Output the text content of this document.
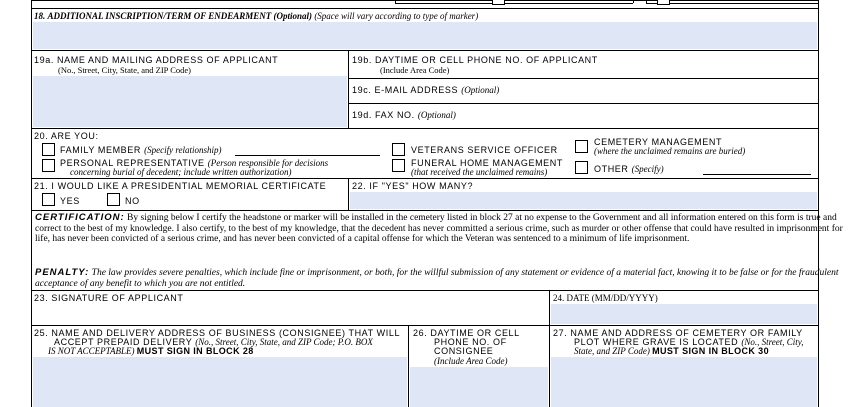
18. ADDITIONAL INSCRIPTION/TERM OF ENDEARMENT (Optional) (Space will vary according to type of marker)
19a. NAME AND MAILING ADDRESS OF APPLICANT
(No., Street, City, State, and ZIP Code)
19b. DAYTIME OR CELL PHONE NO. OF APPLICANT
(Include Area Code)
19c. E-MAIL ADDRESS (Optional)
19d. FAX NO. (Optional)
20. ARE YOU:
FAMILY MEMBER (Specify relationship)
PERSONAL REPRESENTATIVE (Person responsible for decisions
concerning burial of decedent; include written authorization)
VETERANS SERVICE OFFICER
FUNERAL HOME MANAGEMENT
(that received the unclaimed remains)
CEMETERY MANAGEMENT
(where the unclaimed remains are buried)
OTHER (Specify)
21. I WOULD LIKE A PRESIDENTIAL MEMORIAL CERTIFICATE
YES	NO
22. IF "YES" HOW MANY?
CERTIFICATION: By signing below I certify the headstone or marker will be installed in the cemetery listed in block 27 at no expense to the Government and all information entered on this form is true and correct to the best of my knowledge. I also certify, to the best of my knowledge, that the decedent has never committed a serious crime, such as murder or other offense that could have resulted in imprisonment for life, has never been convicted of a serious crime, and has never been convicted of a capital offense for which the Veteran was sentenced to a minimum of life imprisonment.
PENALTY: The law provides severe penalties, which include fine or imprisonment, or both, for the willful submission of any statement or evidence of a material fact, knowing it to be false or for the fraudulent acceptance of any benefit to which you are not entitled.
23. SIGNATURE OF APPLICANT	24. DATE (MM/DD/YYYY)
25. NAME AND DELIVERY ADDRESS OF BUSINESS (CONSIGNEE) THAT WILL
ACCEPT PREPAID DELIVERY (No., Street, City, State, and ZIP Code; P.O. BOX
IS NOT ACCEPTABLE) MUST SIGN IN BLOCK 28
26. DAYTIME OR CELL
PHONE NO. OF
CONSIGNEE
(Include Area Code)
27. NAME AND ADDRESS OF CEMETERY OR FAMILY
PLOT WHERE GRAVE IS LOCATED (No., Street, City,
State, and ZIP Code) MUST SIGN IN BLOCK 30
